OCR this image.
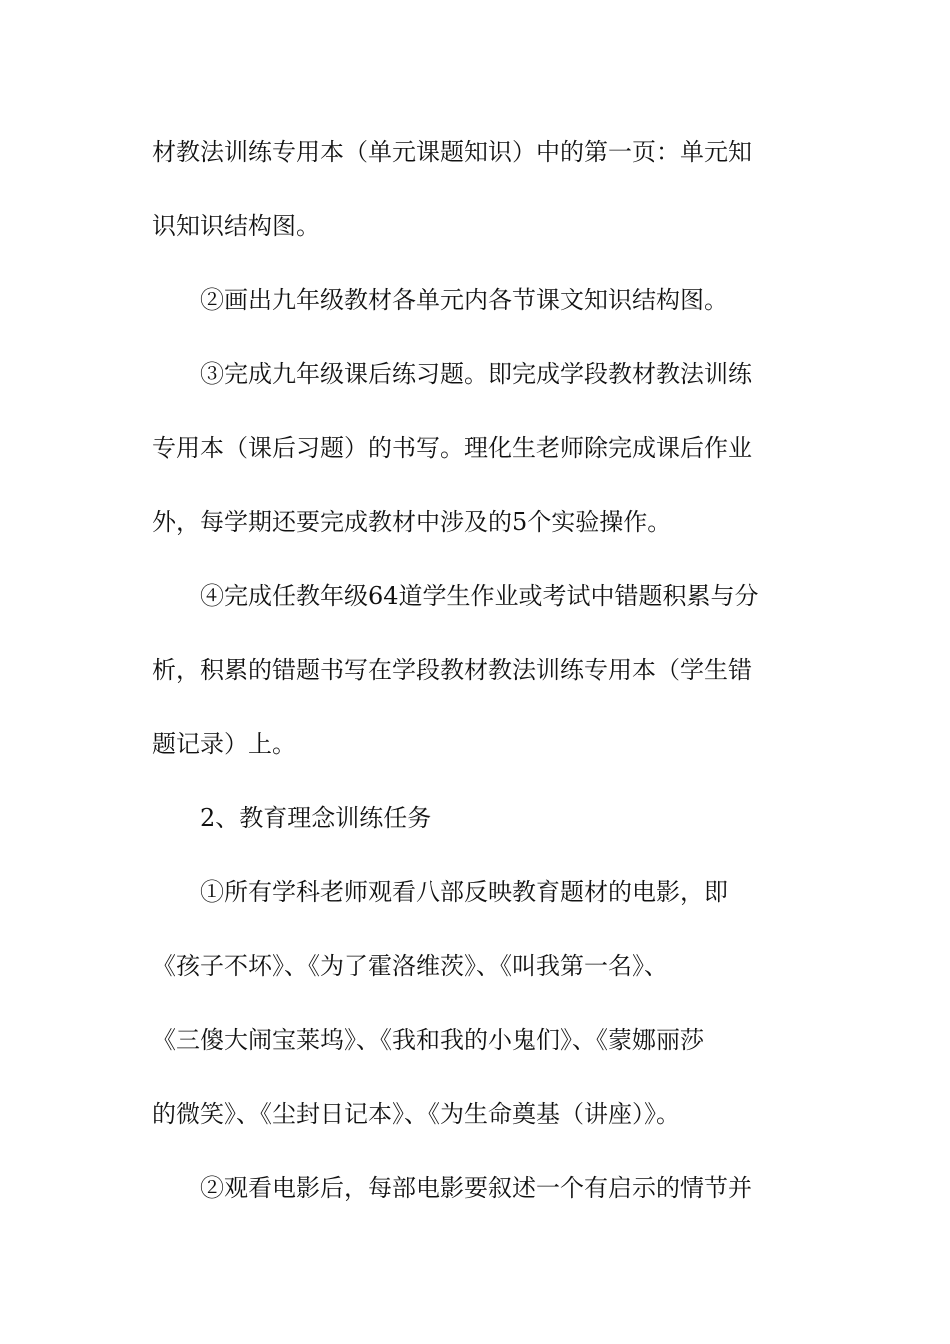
材教法训练专用本（单元课题知识）中的第一页：单元知
识知识结构图。

②画出九年级教材各单元内各节课文知识结构图。

③完成九年级课后练习题。即完成学段教材教法训练
专用本（课后习题）的书写。理化生老师除完成课后作业
外，每学期还要完成教材中涉及的5个实验操作。

④完成任教年级64道学生作业或考试中错题积累与分
析，积累的错题书写在学段教材教法训练专用本（学生错
题记录）上。

2、教育理念训练任务

①所有学科老师观看八部反映教育题材的电影，即
《孩子不坏》、《为了霍洛维茨》、《叫我第一名》、
《三傻大闹宝莱坞》、《我和我的小鬼们》、《蒙娜丽莎
的微笑》、《尘封日记本》、《为生命奠基（讲座）》。

②观看电影后，每部电影要叙述一个有启示的情节并
